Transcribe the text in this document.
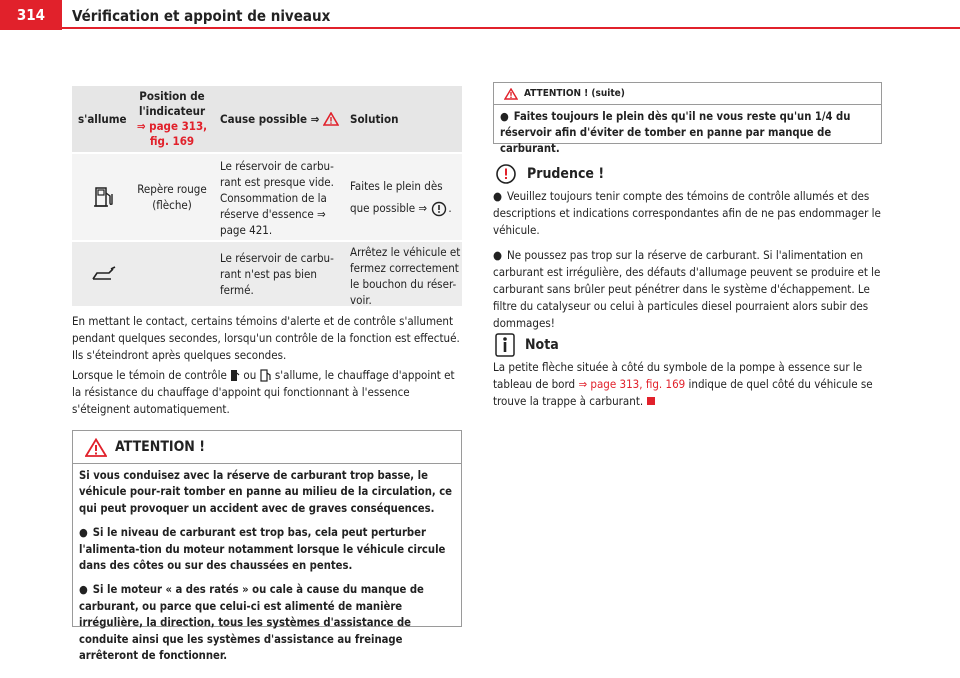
314	Vérification et appoint de niveaux
s'allume
Position de
l'indicateur
⇒ page 313,
fig. 169
Cause possible ⇒	Solution
Repère rouge (flèche)
Le réservoir de carbu-rant est presque vide. Consommation de la réserve d'essence ⇒ page 421.
Faites le plein dès que possible ⇒ .
Le réservoir de carbu-rant n'est pas bien fermé.
Arrêtez le véhicule et fermez correctement le bouchon du réser-voir.
En mettant le contact, certains témoins d'alerte et de contrôle s'allument pendant quelques secondes, lorsqu'un contrôle de la fonction est effectué. Ils s'éteindront après quelques secondes.
Lorsque le témoin de contrôle ou s'allume, le chauffage d'appoint et la résistance du chauffage d'appoint qui fonctionnant à l'essence s'éteignent automatiquement.
ATTENTION !

Si vous conduisez avec la réserve de carburant trop basse, le véhicule pour-rait tomber en panne au milieu de la circulation, ce qui peut provoquer un accident avec de graves conséquences.

● Si le niveau de carburant est trop bas, cela peut perturber l'alimenta-tion du moteur notamment lorsque le véhicule circule dans des côtes ou sur des chaussées en pentes.

● Si le moteur « a des ratés » ou cale à cause du manque de carburant, ou parce que celui-ci est alimenté de manière irrégulière, la direction, tous les systèmes d'assistance de conduite ainsi que les systèmes d'assistance au freinage arrêteront de fonctionner.

ATTENTION ! (suite)
● Faites toujours le plein dès qu'il ne vous reste qu'un 1/4 du réservoir afin d'éviter de tomber en panne par manque de carburant.
Prudence !

● Veuillez toujours tenir compte des témoins de contrôle allumés et des descriptions et indications correspondantes afin de ne pas endommager le véhicule.

● Ne poussez pas trop sur la réserve de carburant. Si l'alimentation en carburant est irrégulière, des défauts d'allumage peuvent se produire et le carburant sans brûler peut pénétrer dans le système d'échappement. Le filtre du catalyseur ou celui à particules diesel pourraient alors subir des dommages!

Nota
La petite flèche située à côté du symbole de la pompe à essence sur le tableau de bord ⇒ page 313, fig. 169 indique de quel côté du véhicule se trouve la trappe à carburant.
